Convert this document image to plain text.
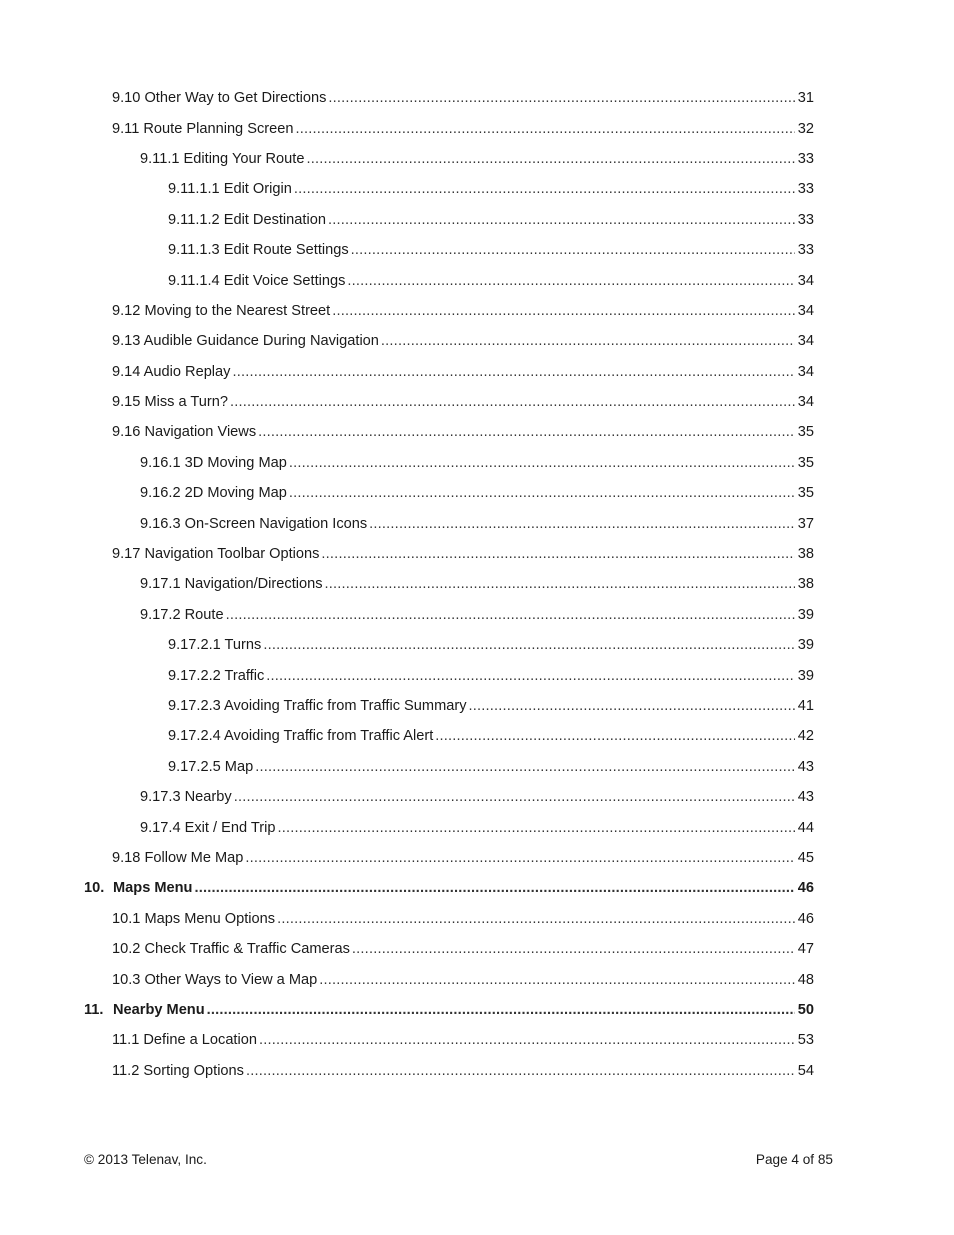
9.10 Other Way to Get Directions .....	31
9.11 Route Planning Screen .....	32
9.11.1 Editing Your Route .....	33
9.11.1.1 Edit Origin .....	33
9.11.1.2 Edit Destination .....	33
9.11.1.3 Edit Route Settings .....	33
9.11.1.4 Edit Voice Settings .....	34
9.12 Moving to the Nearest Street .....	34
9.13 Audible Guidance During Navigation .....	34
9.14 Audio Replay .....	34
9.15 Miss a Turn? .....	34
9.16 Navigation Views .....	35
9.16.1 3D Moving Map .....	35
9.16.2 2D Moving Map .....	35
9.16.3 On-Screen Navigation Icons .....	37
9.17 Navigation Toolbar Options .....	38
9.17.1 Navigation/Directions .....	38
9.17.2 Route .....	39
9.17.2.1 Turns .....	39
9.17.2.2 Traffic .....	39
9.17.2.3 Avoiding Traffic from Traffic Summary .....	41
9.17.2.4 Avoiding Traffic from Traffic Alert .....	42
9.17.2.5 Map .....	43
9.17.3 Nearby .....	43
9.17.4 Exit / End Trip .....	44
9.18 Follow Me Map .....	45
10. Maps Menu .....	46
10.1 Maps Menu Options .....	46
10.2 Check Traffic & Traffic Cameras .....	47
10.3 Other Ways to View a Map .....	48
11. Nearby Menu .....	50
11.1 Define a Location .....	53
11.2 Sorting Options .....	54
© 2013 Telenav, Inc.	Page 4 of 85
